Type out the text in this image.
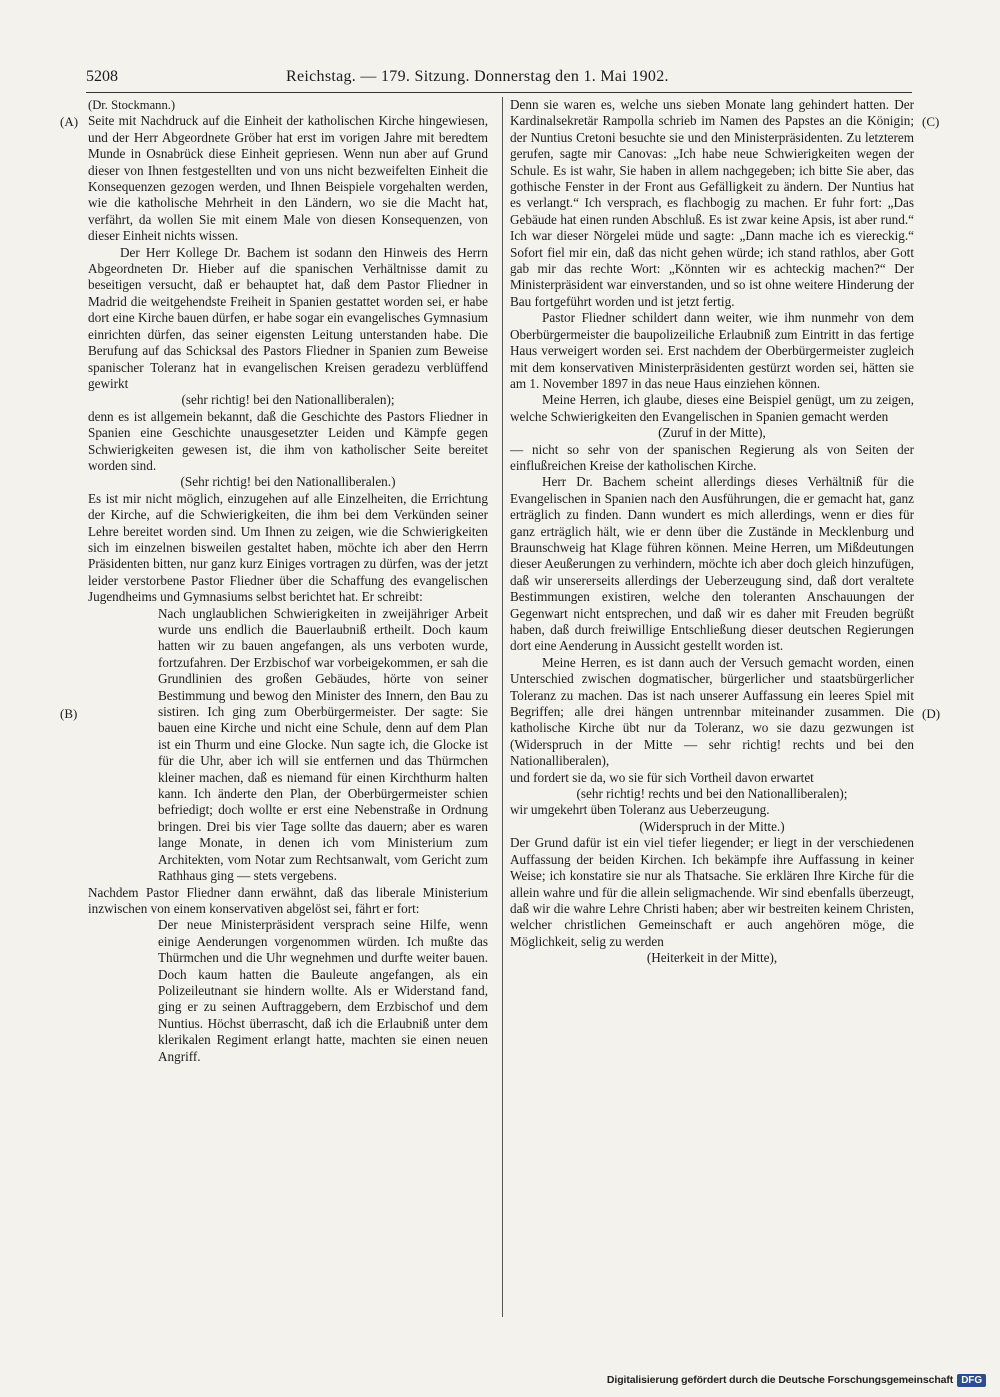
5208	Reichstag. — 179. Sitzung. Donnerstag den 1. Mai 1902.
(A)
(B)
(C)
(D)

(Dr. Stockmann.)

Seite mit Nachdruck auf die Einheit der katholischen Kirche hingewiesen, und der Herr Abgeordnete Gröber hat erst im vorigen Jahre mit beredtem Munde in Osnabrück diese Einheit gepriesen. Wenn nun aber auf Grund dieser von Ihnen festgestellten und von uns nicht bezweifelten Einheit die Konsequenzen gezogen werden, und Ihnen Beispiele vorgehalten werden, wie die katholische Mehrheit in den Ländern, wo sie die Macht hat, verfährt, da wollen Sie mit einem Male von diesen Konsequenzen, von dieser Einheit nichts wissen.

Der Herr Kollege Dr. Bachem ist sodann den Hinweis des Herrn Abgeordneten Dr. Hieber auf die spanischen Verhältnisse damit zu beseitigen versucht, daß er behauptet hat, daß dem Pastor Fliedner in Madrid die weitgehendste Freiheit in Spanien gestattet worden sei, er habe dort eine Kirche bauen dürfen, er habe sogar ein evangelisches Gymnasium einrichten dürfen, das seiner eigensten Leitung unterstanden habe. Die Berufung auf das Schicksal des Pastors Fliedner in Spanien zum Beweise spanischer Toleranz hat in evangelischen Kreisen geradezu verblüffend gewirkt

(sehr richtig! bei den Nationalliberalen);

denn es ist allgemein bekannt, daß die Geschichte des Pastors Fliedner in Spanien eine Geschichte unausgesetzter Leiden und Kämpfe gegen Schwierigkeiten gewesen ist, die ihm von katholischer Seite bereitet worden sind.

(Sehr richtig! bei den Nationalliberalen.)

Es ist mir nicht möglich, einzugehen auf alle Einzelheiten, die Errichtung der Kirche, auf die Schwierigkeiten, die ihm bei dem Verkünden seiner Lehre bereitet worden sind. Um Ihnen zu zeigen, wie die Schwierigkeiten sich im einzelnen bisweilen gestaltet haben, möchte ich aber den Herrn Präsidenten bitten, nur ganz kurz Einiges vortragen zu dürfen, was der jetzt leider verstorbene Pastor Fliedner über die Schaffung des evangelischen Jugendheims und Gymnasiums selbst berichtet hat. Er schreibt:

Nach unglaublichen Schwierigkeiten in zweijähriger Arbeit wurde uns endlich die Bauerlaubniß ertheilt. Doch kaum hatten wir zu bauen angefangen, als uns verboten wurde, fortzufahren. Der Erzbischof war vorbeigekommen, er sah die Grundlinien des großen Gebäudes, hörte von seiner Bestimmung und bewog den Minister des Innern, den Bau zu sistiren. Ich ging zum Oberbürgermeister. Der sagte: Sie bauen eine Kirche und nicht eine Schule, denn auf dem Plan ist ein Thurm und eine Glocke. Nun sagte ich, die Glocke ist für die Uhr, aber ich will sie entfernen und das Thürmchen kleiner machen, daß es niemand für einen Kirchthurm halten kann. Ich änderte den Plan, der Oberbürgermeister schien befriedigt; doch wollte er erst eine Nebenstraße in Ordnung bringen. Drei bis vier Tage sollte das dauern; aber es waren lange Monate, in denen ich vom Ministerium zum Architekten, vom Notar zum Rechtsanwalt, vom Gericht zum Rathhaus ging — stets vergebens.

Nachdem Pastor Fliedner dann erwähnt, daß das liberale Ministerium inzwischen von einem konservativen abgelöst sei, fährt er fort:

Der neue Ministerpräsident versprach seine Hilfe, wenn einige Aenderungen vorgenommen würden. Ich mußte das Thürmchen und die Uhr wegnehmen und durfte weiter bauen. Doch kaum hatten die Bauleute angefangen, als ein Polizeileutnant sie hindern wollte. Als er Widerstand fand, ging er zu seinen Auftraggebern, dem Erzbischof und dem Nuntius. Höchst überrascht, daß ich die Erlaubniß unter dem klerikalen Regiment erlangt hatte, machten sie einen neuen Angriff.

Denn sie waren es, welche uns sieben Monate lang gehindert hatten. Der Kardinalsekretär Rampolla schrieb im Namen des Papstes an die Königin; der Nuntius Cretoni besuchte sie und den Ministerpräsidenten. Zu letzterem gerufen, sagte mir Canovas: „Ich habe neue Schwierigkeiten wegen der Schule. Es ist wahr, Sie haben in allem nachgegeben; ich bitte Sie aber, das gothische Fenster in der Front aus Gefälligkeit zu ändern. Der Nuntius hat es verlangt.“ Ich versprach, es flachbogig zu machen. Er fuhr fort: „Das Gebäude hat einen runden Abschluß. Es ist zwar keine Apsis, ist aber rund.“ Ich war dieser Nörgelei müde und sagte: „Dann mache ich es viereckig.“ Sofort fiel mir ein, daß das nicht gehen würde; ich stand rathlos, aber Gott gab mir das rechte Wort: „Könnten wir es achteckig machen?“ Der Ministerpräsident war einverstanden, und so ist ohne weitere Hinderung der Bau fortgeführt worden und ist jetzt fertig.

Pastor Fliedner schildert dann weiter, wie ihm nunmehr von dem Oberbürgermeister die baupolizeiliche Erlaubniß zum Eintritt in das fertige Haus verweigert worden sei. Erst nachdem der Oberbürgermeister zugleich mit dem konservativen Ministerpräsidenten gestürzt worden sei, hätten sie am 1. November 1897 in das neue Haus einziehen können.

Meine Herren, ich glaube, dieses eine Beispiel genügt, um zu zeigen, welche Schwierigkeiten den Evangelischen in Spanien gemacht werden

(Zuruf in der Mitte),

— nicht so sehr von der spanischen Regierung als von Seiten der einflußreichen Kreise der katholischen Kirche.

Herr Dr. Bachem scheint allerdings dieses Verhältniß für die Evangelischen in Spanien nach den Ausführungen, die er gemacht hat, ganz erträglich zu finden. Dann wundert es mich allerdings, wenn er dies für ganz erträglich hält, wie er denn über die Zustände in Mecklenburg und Braunschweig hat Klage führen können. Meine Herren, um Mißdeutungen dieser Aeußerungen zu verhindern, möchte ich aber doch gleich hinzufügen, daß wir unsererseits allerdings der Ueberzeugung sind, daß dort veraltete Bestimmungen existiren, welche den toleranten Anschauungen der Gegenwart nicht entsprechen, und daß wir es daher mit Freuden begrüßt haben, daß durch freiwillige Entschließung dieser deutschen Regierungen dort eine Aenderung in Aussicht gestellt worden ist.

Meine Herren, es ist dann auch der Versuch gemacht worden, einen Unterschied zwischen dogmatischer, bürgerlicher und staatsbürgerlicher Toleranz zu machen. Das ist nach unserer Auffassung ein leeres Spiel mit Begriffen; alle drei hängen untrennbar miteinander zusammen. Die katholische Kirche übt nur da Toleranz, wo sie dazu gezwungen ist (Widerspruch in der Mitte — sehr richtig! rechts und bei den Nationalliberalen),

und fordert sie da, wo sie für sich Vortheil davon erwartet

(sehr richtig! rechts und bei den Nationalliberalen);

wir umgekehrt üben Toleranz aus Ueberzeugung.

(Widerspruch in der Mitte.)

Der Grund dafür ist ein viel tiefer liegender; er liegt in der verschiedenen Auffassung der beiden Kirchen. Ich bekämpfe ihre Auffassung in keiner Weise; ich konstatire sie nur als Thatsache. Sie erklären Ihre Kirche für die allein wahre und für die allein seligmachende. Wir sind ebenfalls überzeugt, daß wir die wahre Lehre Christi haben; aber wir bestreiten keinem Christen, welcher christlichen Gemeinschaft er auch angehören möge, die Möglichkeit, selig zu werden

(Heiterkeit in der Mitte),

Digitalisierung gefördert durch die Deutsche Forschungsgemeinschaft DFG
